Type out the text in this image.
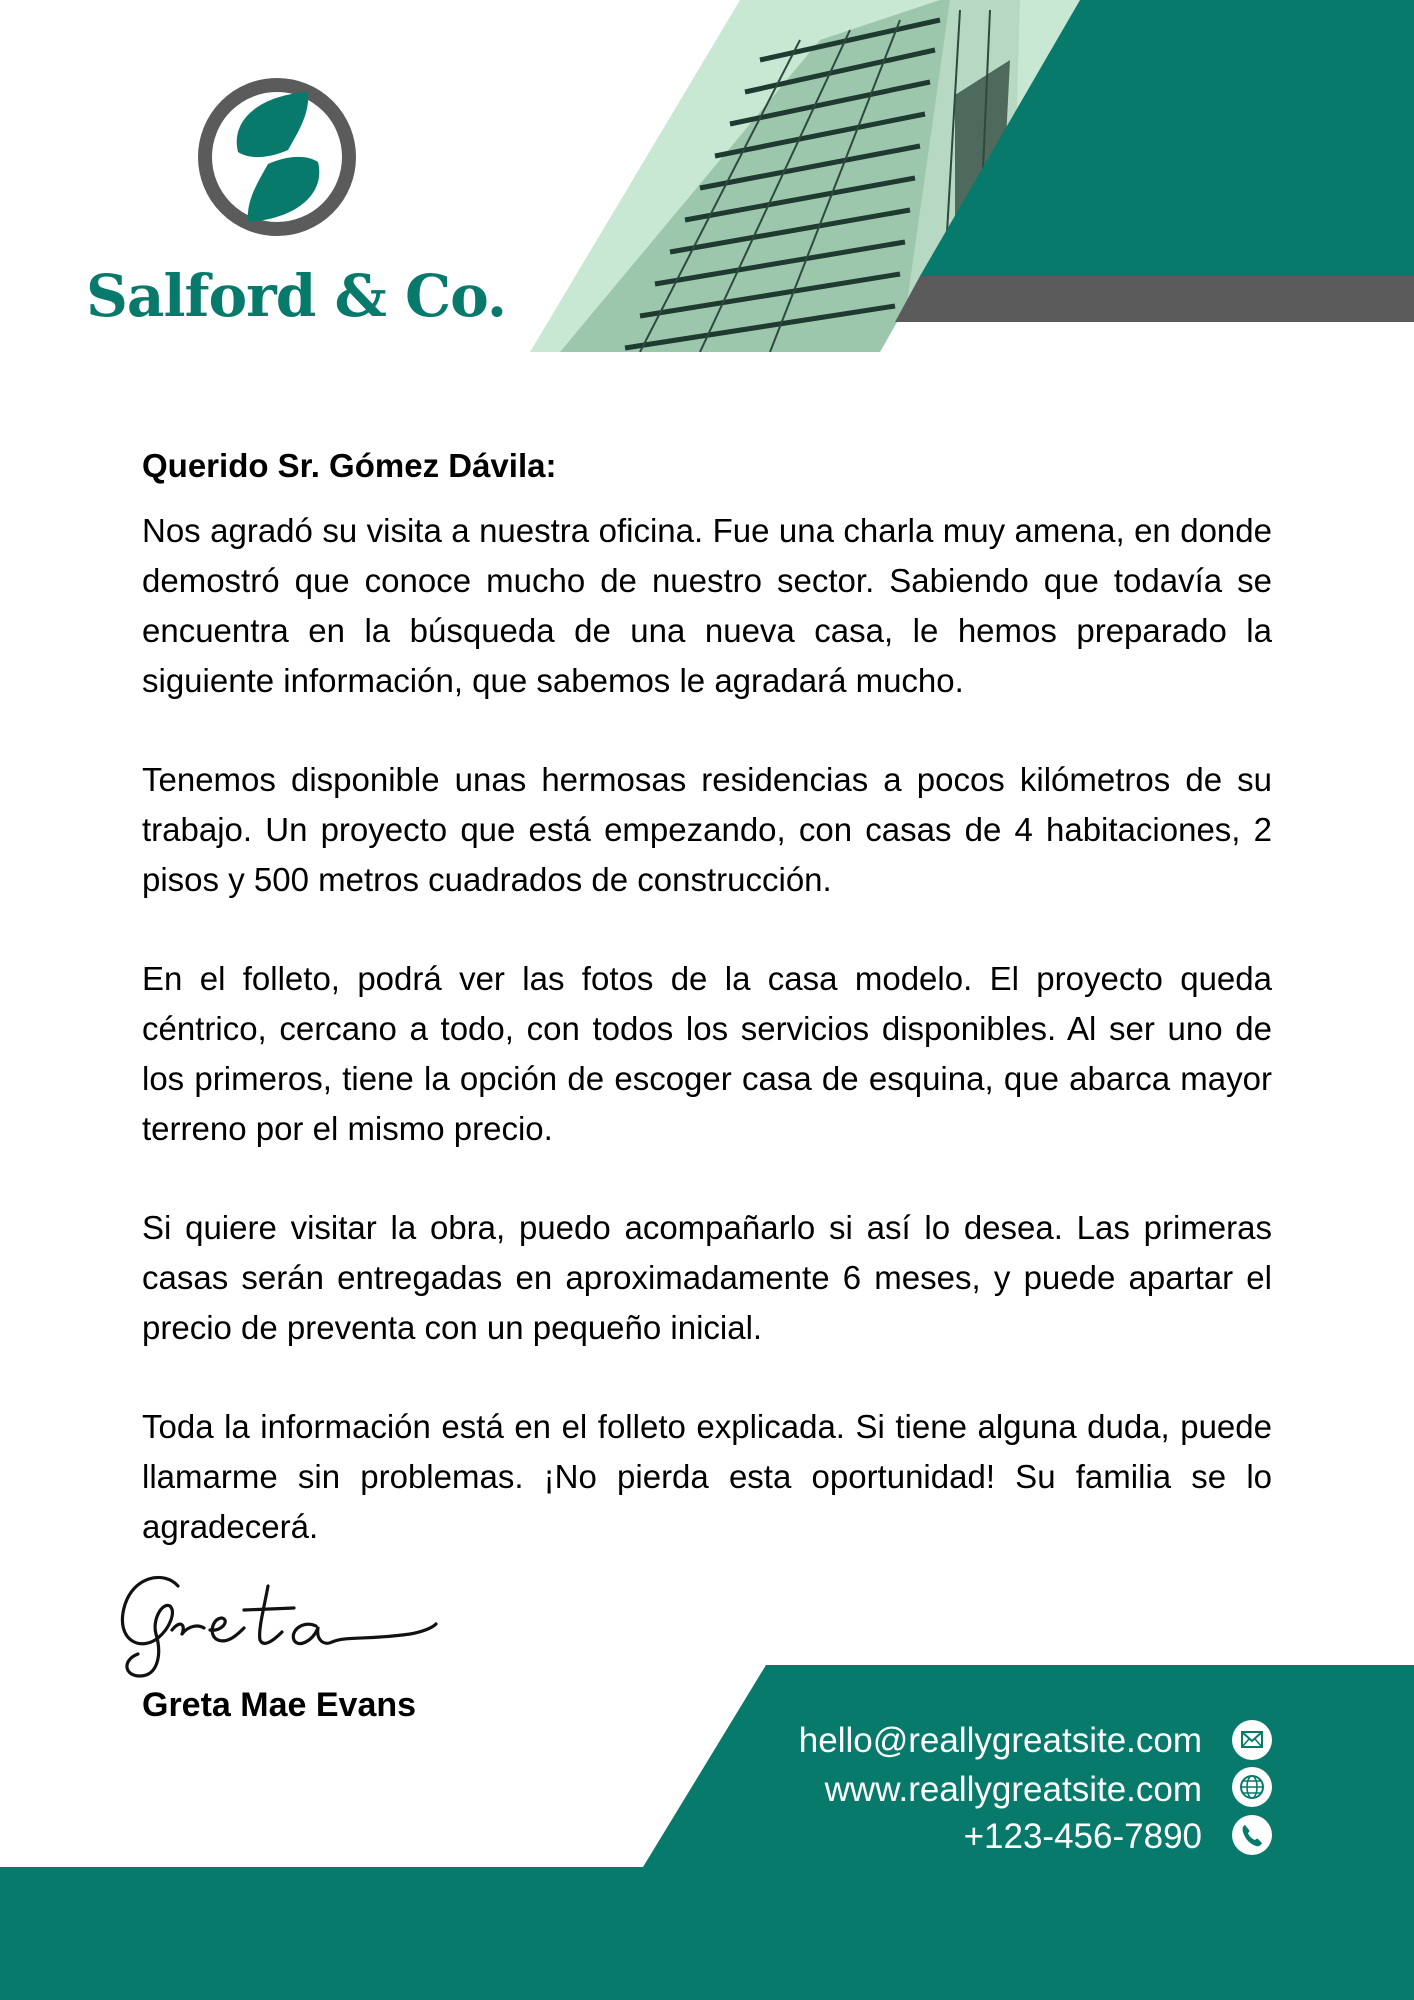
Salford & Co.

Querido Sr. Gómez Dávila:

Nos agradó su visita a nuestra oficina. Fue una charla muy amena, en donde demostró que conoce mucho de nuestro sector. Sabiendo que todavía se encuentra en la búsqueda de una nueva casa, le hemos preparado la siguiente información, que sabemos le agradará mucho.

Tenemos disponible unas hermosas residencias a pocos kilómetros de su trabajo. Un proyecto que está empezando, con casas de 4 habitaciones, 2 pisos y 500 metros cuadrados de construcción.

En el folleto, podrá ver las fotos de la casa modelo. El proyecto queda céntrico, cercano a todo, con todos los servicios disponibles. Al ser uno de los primeros, tiene la opción de escoger casa de esquina, que abarca mayor terreno por el mismo precio.

Si quiere visitar la obra, puedo acompañarlo si así lo desea. Las primeras casas serán entregadas en aproximadamente 6 meses, y puede apartar el precio de preventa con un pequeño inicial.

Toda la información está en el folleto explicada. Si tiene alguna duda, puede llamarme sin problemas. ¡No pierda esta oportunidad! Su familia se lo agradecerá.

Greta Mae Evans
hello@reallygreatsite.com
www.reallygreatsite.com
+123-456-7890
